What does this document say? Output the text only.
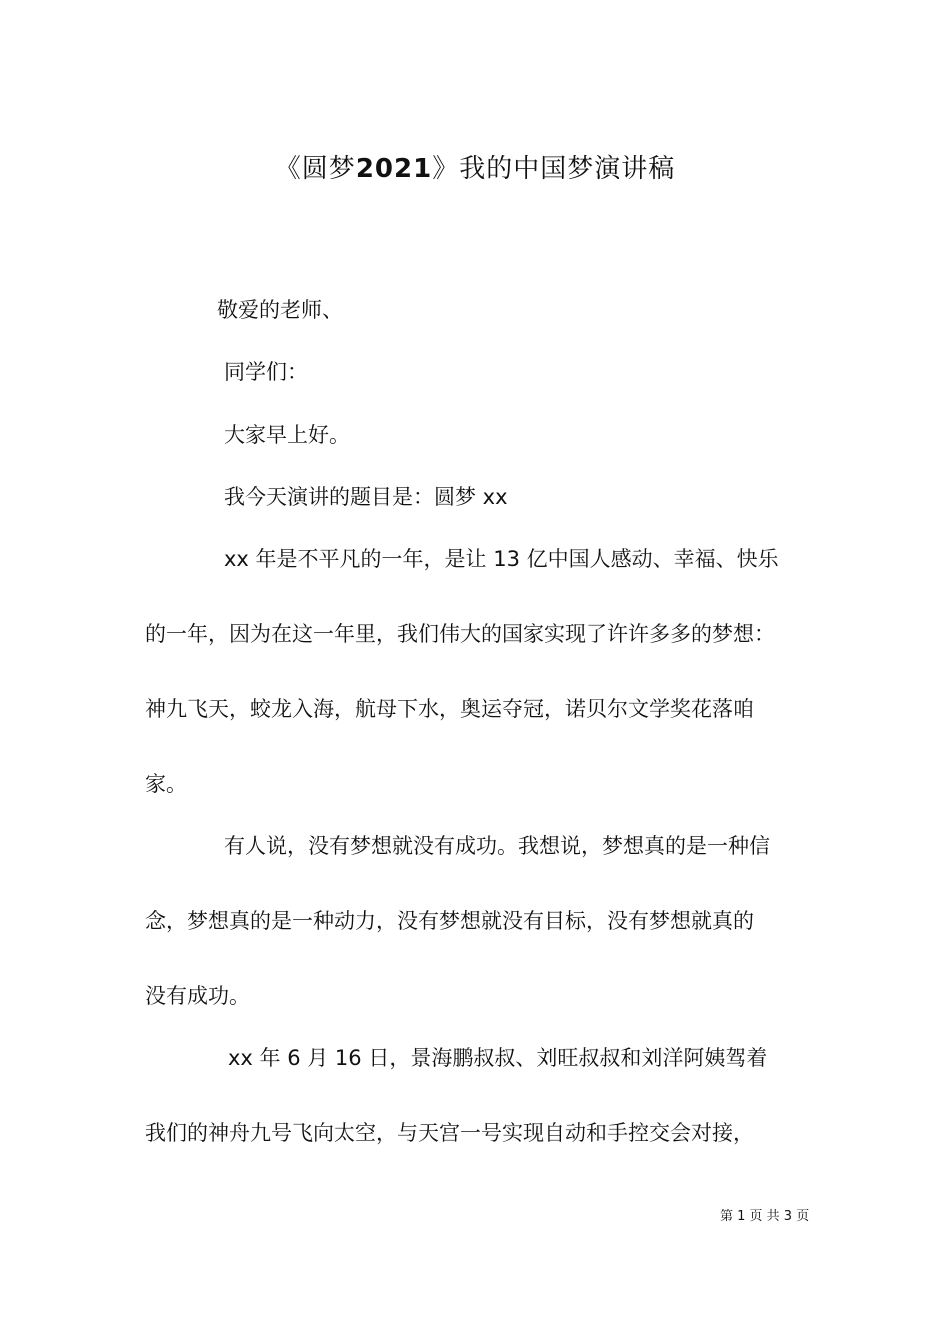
《圆梦2021》我的中国梦演讲稿
敬爱的老师、
同学们：
大家早上好。
我今天演讲的题目是：圆梦 xx
xx 年是不平凡的一年，是让 13 亿中国人感动、幸福、快乐
的一年，因为在这一年里，我们伟大的国家实现了许许多多的梦想：
神九飞天，蛟龙入海，航母下水，奥运夺冠，诺贝尔文学奖花落咱
家。
有人说，没有梦想就没有成功。我想说，梦想真的是一种信
念，梦想真的是一种动力，没有梦想就没有目标，没有梦想就真的
没有成功。
xx 年 6 月 16 日，景海鹏叔叔、刘旺叔叔和刘洋阿姨驾着
我们的神舟九号飞向太空，与天宫一号实现自动和手控交会对接，
第 1 页 共 3 页
